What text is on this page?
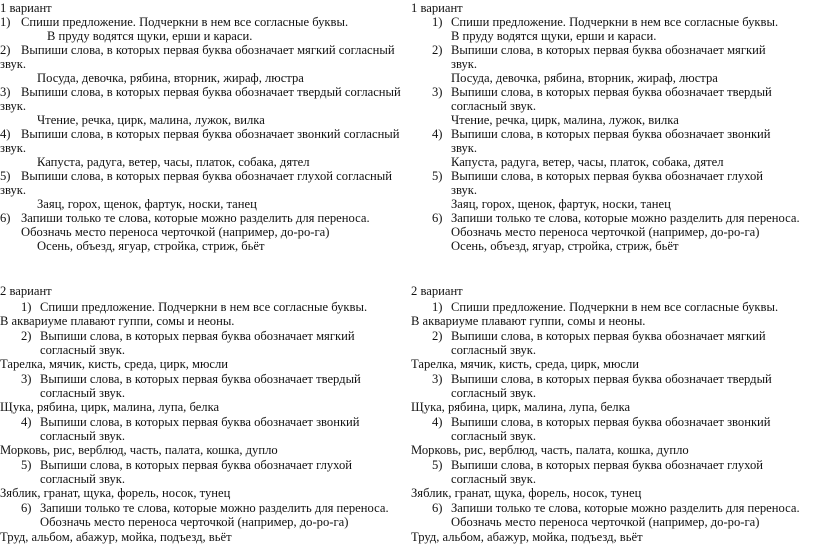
1 вариант

1) Спиши предложение. Подчеркни в нем все согласные буквы.

В пруду водятся щуки, ерши и караси.

2) Выпиши слова, в которых первая буква обозначает мягкий согласный

звук.

Посуда, девочка, рябина, вторник, жираф, люстра

3) Выпиши слова, в которых первая буква обозначает твердый согласный

звук.

Чтение, речка, цирк, малина, лужок, вилка

4) Выпиши слова, в которых первая буква обозначает звонкий согласный

звук.

Капуста, радуга, ветер, часы, платок, собака, дятел

5) Выпиши слова, в которых первая буква обозначает глухой согласный

звук.

Заяц, горох, щенок, фартук, носки, танец

6) Запиши только те слова, которые можно разделить для переноса.

Обозначь место переноса черточкой (например, до-ро-га)

Осень, объезд, ягуар, стройка, стриж, бьёт

1 вариант

1) Спиши предложение. Подчеркни в нем все согласные буквы.

В пруду водятся щуки, ерши и караси.

2) Выпиши слова, в которых первая буква обозначает мягкий

звук.

Посуда, девочка, рябина, вторник, жираф, люстра

3) Выпиши слова, в которых первая буква обозначает твердый

согласный звук.

Чтение, речка, цирк, малина, лужок, вилка

4) Выпиши слова, в которых первая буква обозначает звонкий

звук.

Капуста, радуга, ветер, часы, платок, собака, дятел

5) Выпиши слова, в которых первая буква обозначает глухой

звук.

Заяц, горох, щенок, фартук, носки, танец

6) Запиши только те слова, которые можно разделить для переноса.

Обозначь место переноса черточкой (например, до-ро-га)

Осень, объезд, ягуар, стройка, стриж, бьёт

2 вариант

1) Спиши предложение. Подчеркни в нем все согласные буквы.

В аквариуме плавают гуппи, сомы и неоны.

2) Выпиши слова, в которых первая буква обозначает мягкий

согласный звук.

Тарелка, мячик, кисть, среда, цирк, мюсли

3) Выпиши слова, в которых первая буква обозначает твердый

согласный звук.

Щука, рябина, цирк, малина, лупа, белка

4) Выпиши слова, в которых первая буква обозначает звонкий

согласный звук.

Морковь, рис, верблюд, часть, палата, кошка, дупло

5) Выпиши слова, в которых первая буква обозначает глухой

согласный звук.

Зяблик, гранат, щука, форель, носок, тунец

6) Запиши только те слова, которые можно разделить для переноса.

Обозначь место переноса черточкой (например, до-ро-га)

Труд, альбом, абажур, мойка, подъезд, вьёт

2 вариант

1) Спиши предложение. Подчеркни в нем все согласные буквы.

В аквариуме плавают гуппи, сомы и неоны.

2) Выпиши слова, в которых первая буква обозначает мягкий

согласный звук.

Тарелка, мячик, кисть, среда, цирк, мюсли

3) Выпиши слова, в которых первая буква обозначает твердый

согласный звук.

Щука, рябина, цирк, малина, лупа, белка

4) Выпиши слова, в которых первая буква обозначает звонкий

согласный звук.

Морковь, рис, верблюд, часть, палата, кошка, дупло

5) Выпиши слова, в которых первая буква обозначает глухой

согласный звук.

Зяблик, гранат, щука, форель, носок, тунец

6) Запиши только те слова, которые можно разделить для переноса.

Обозначь место переноса черточкой (например, до-ро-га)

Труд, альбом, абажур, мойка, подъезд, вьёт
